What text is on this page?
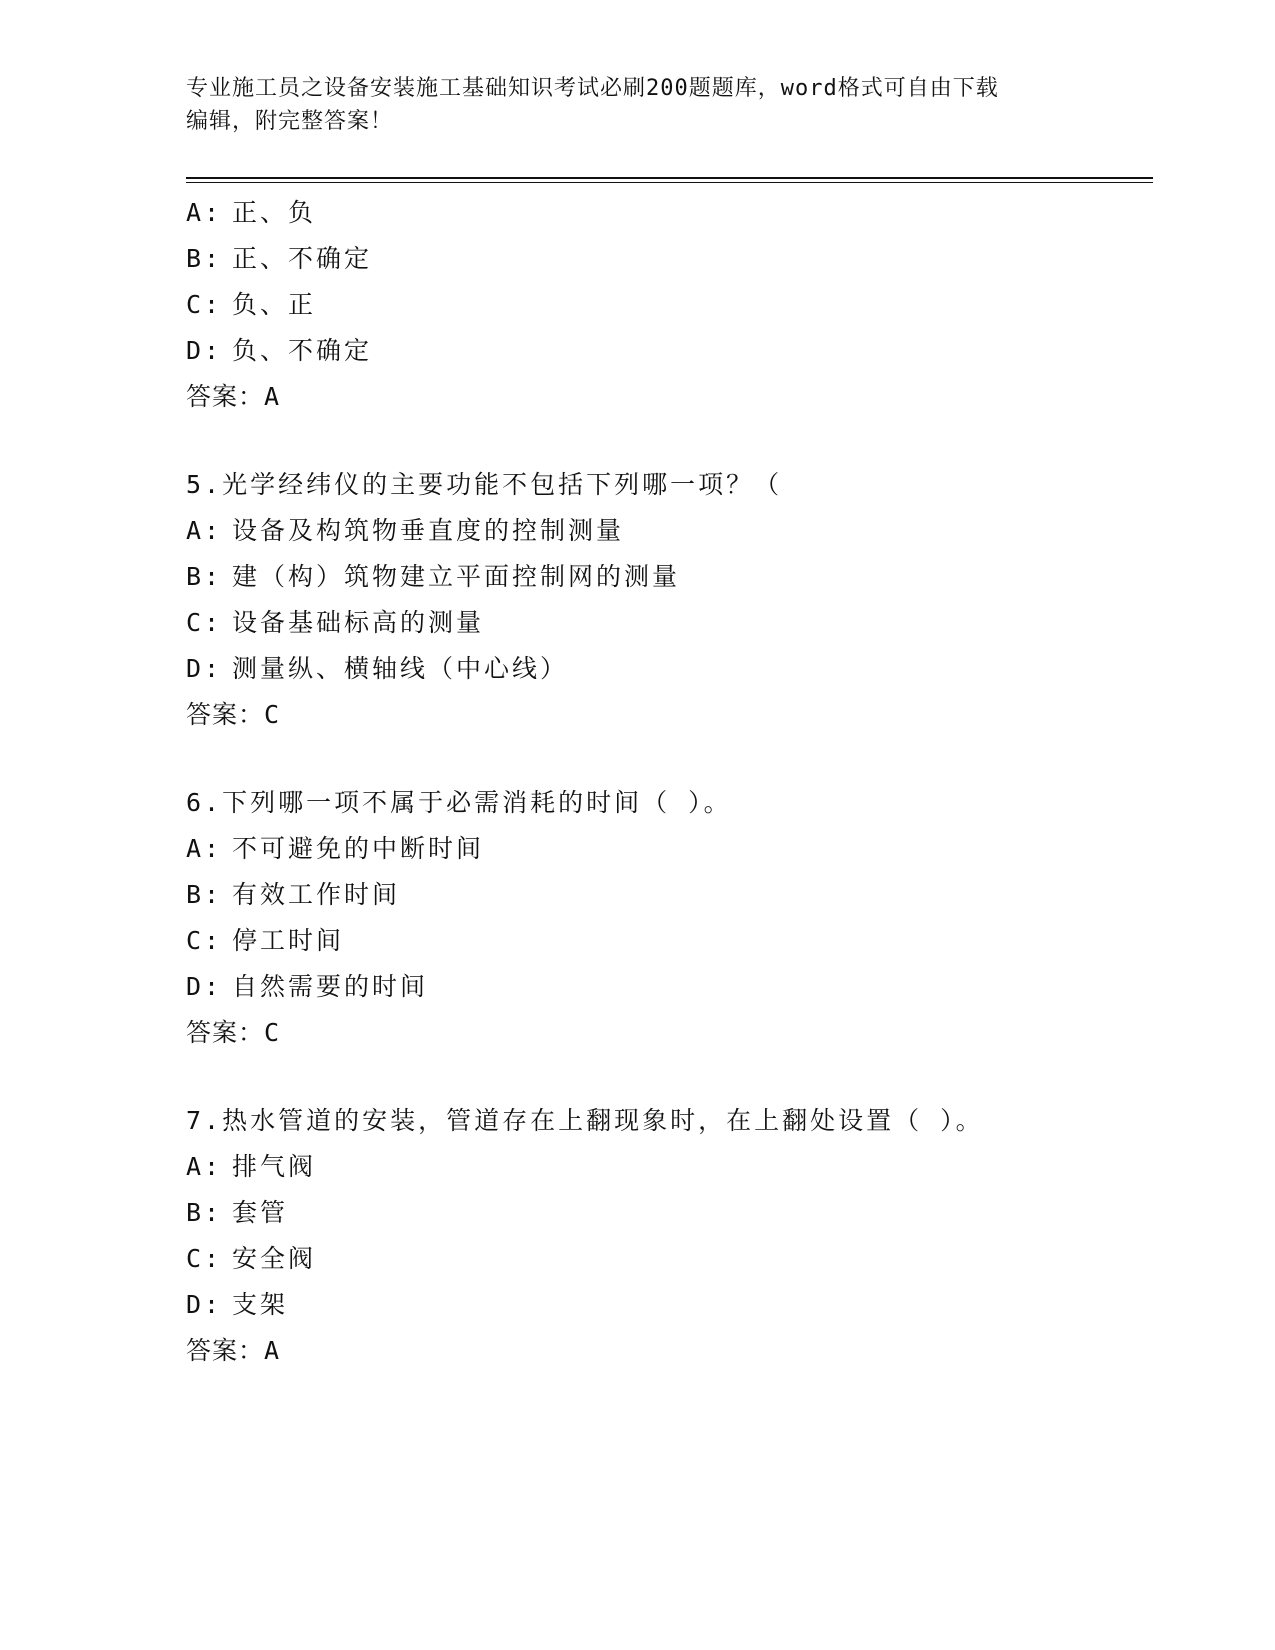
专业施工员之设备安装施工基础知识考试必刷200题题库，word格式可自由下载
编辑，附完整答案！
A: 正、负
B: 正、不确定
C: 负、正
D: 负、不确定
答案：A
5.光学经纬仪的主要功能不包括下列哪一项？（
A: 设备及构筑物垂直度的控制测量
B: 建（构）筑物建立平面控制网的测量
C: 设备基础标高的测量
D: 测量纵、横轴线（中心线）
答案：C
6.下列哪一项不属于必需消耗的时间（ ）。
A: 不可避免的中断时间
B: 有效工作时间
C: 停工时间
D: 自然需要的时间
答案：C
7.热水管道的安装，管道存在上翻现象时，在上翻处设置（ ）。
A: 排气阀
B: 套管
C: 安全阀
D: 支架
答案：A
